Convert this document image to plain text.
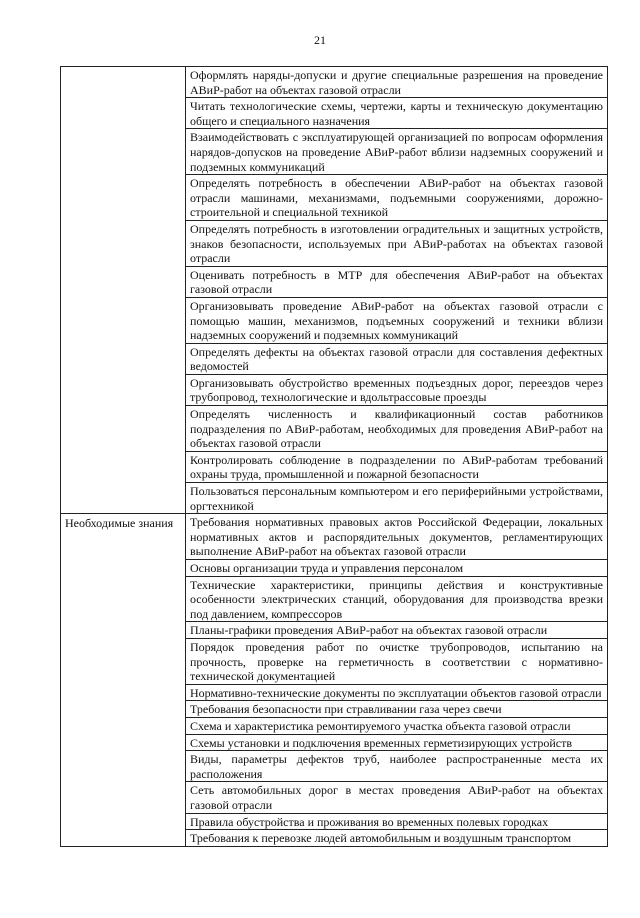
21
	Оформлять наряды-допуски и другие специальные разрешения на проведение АВиР-работ на объектах газовой отрасли
	Читать технологические схемы, чертежи, карты и техническую документацию общего и специального назначения
	Взаимодействовать с эксплуатирующей организацией по вопросам оформления нарядов-допусков на проведение АВиР-работ вблизи надземных сооружений и подземных коммуникаций
	Определять потребность в обеспечении АВиР-работ на объектах газовой отрасли машинами, механизмами, подъемными сооружениями, дорожно-строительной и специальной техникой
	Определять потребность в изготовлении оградительных и защитных устройств, знаков безопасности, используемых при АВиР-работах на объектах газовой отрасли
	Оценивать потребность в МТР для обеспечения АВиР-работ на объектах газовой отрасли
	Организовывать проведение АВиР-работ на объектах газовой отрасли с помощью машин, механизмов, подъемных сооружений и техники вблизи надземных сооружений и подземных коммуникаций
	Определять дефекты на объектах газовой отрасли для составления дефектных ведомостей
	Организовывать обустройство временных подъездных дорог, переездов через трубопровод, технологические и вдольтрассовые проезды
	Определять численность и квалификационный состав работников подразделения по АВиР-работам, необходимых для проведения АВиР-работ на объектах газовой отрасли
	Контролировать соблюдение в подразделении по АВиР-работам требований охраны труда, промышленной и пожарной безопасности
	Пользоваться персональным компьютером и его периферийными устройствами, оргтехникой
Необходимые знания	Требования нормативных правовых актов Российской Федерации, локальных нормативных актов и распорядительных документов, регламентирующих выполнение АВиР-работ на объектах газовой отрасли
	Основы организации труда и управления персоналом
	Технические характеристики, принципы действия и конструктивные особенности электрических станций, оборудования для производства врезки под давлением, компрессоров
	Планы-графики проведения АВиР-работ на объектах газовой отрасли
	Порядок проведения работ по очистке трубопроводов, испытанию на прочность, проверке на герметичность в соответствии с нормативно-технической документацией
	Нормативно-технические документы по эксплуатации объектов газовой отрасли
	Требования безопасности при стравливании газа через свечи
	Схема и характеристика ремонтируемого участка объекта газовой отрасли
	Схемы установки и подключения временных герметизирующих устройств
	Виды, параметры дефектов труб, наиболее распространенные места их расположения
	Сеть автомобильных дорог в местах проведения АВиР-работ на объектах газовой отрасли
	Правила обустройства и проживания во временных полевых городках
	Требования к перевозке людей автомобильным и воздушным транспортом
